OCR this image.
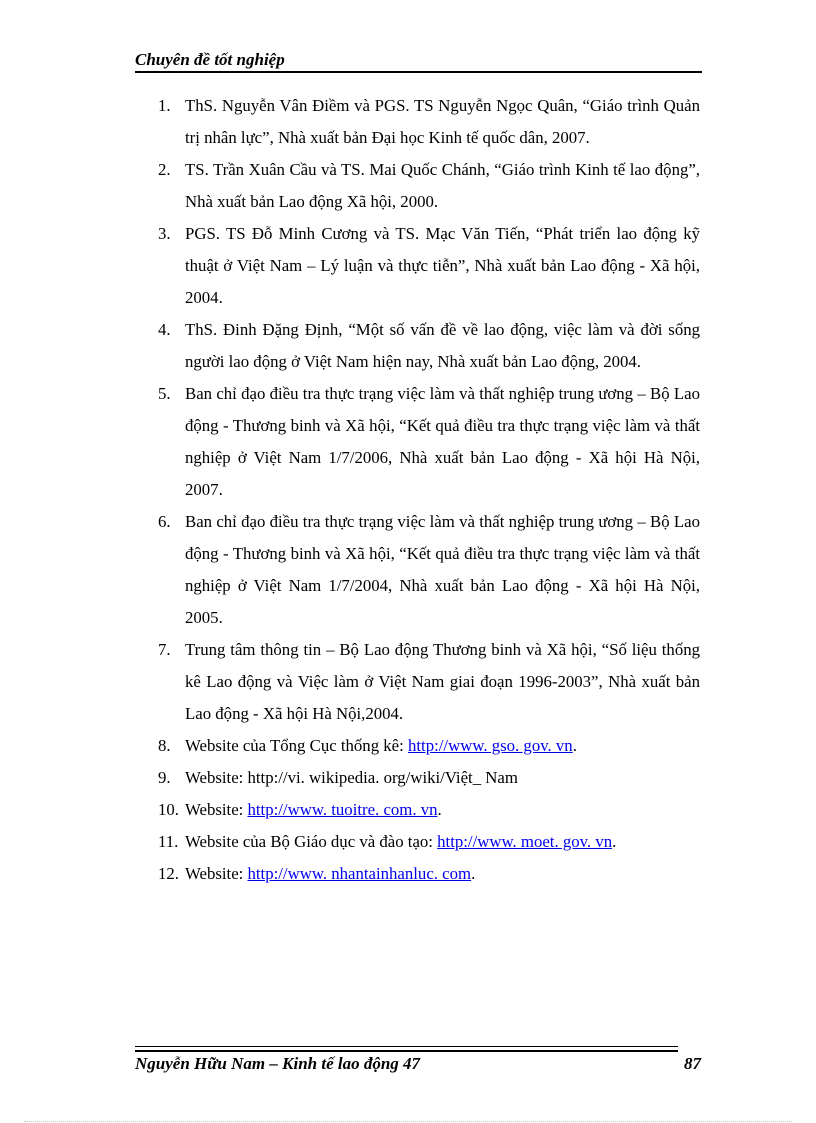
Chuyên đề tốt nghiệp
1. ThS. Nguyễn Vân Điềm và PGS. TS Nguyễn Ngọc Quân, “Giáo trình Quản trị nhân lực”, Nhà xuất bản Đại học Kinh tế quốc dân, 2007.
2. TS. Trần Xuân Cầu và TS. Mai Quốc Chánh, “Giáo trình Kinh tế lao động”, Nhà xuất bản Lao động Xã hội, 2000.
3. PGS. TS Đỗ Minh Cương và TS. Mạc Văn Tiến, “Phát triển lao động kỹ thuật ở Việt Nam – Lý luận và thực tiễn”, Nhà xuất bản Lao động - Xã hội, 2004.
4. ThS. Đinh Đặng Định, “Một số vấn đề về lao động, việc làm và đời sống người lao động ở Việt Nam hiện nay, Nhà xuất bản Lao động, 2004.
5. Ban chỉ đạo điều tra thực trạng việc làm và thất nghiệp trung ương – Bộ Lao động - Thương binh và Xã hội, “Kết quả điều tra thực trạng việc làm và thất nghiệp ở Việt Nam 1/7/2006, Nhà xuất bản Lao động - Xã hội Hà Nội, 2007.
6. Ban chỉ đạo điều tra thực trạng việc làm và thất nghiệp trung ương – Bộ Lao động - Thương binh và Xã hội, “Kết quả điều tra thực trạng việc làm và thất nghiệp ở Việt Nam 1/7/2004, Nhà xuất bản Lao động - Xã hội Hà Nội, 2005.
7. Trung tâm thông tin – Bộ Lao động Thương binh và Xã hội, “Số liệu thống kê Lao động và Việc làm ở Việt Nam giai đoạn 1996-2003”, Nhà xuất bản Lao động - Xã hội Hà Nội,2004.
8. Website của Tổng Cục thống kê: http://www. gso. gov. vn.
9. Website: http://vi. wikipedia. org/wiki/Việt_ Nam
10. Website: http://www. tuoitre. com. vn.
11. Website của Bộ Giáo dục và đào tạo: http://www. moet. gov. vn.
12. Website: http://www. nhantainhanluc. com.
Nguyễn Hữu Nam – Kinh tế lao động 47	87
